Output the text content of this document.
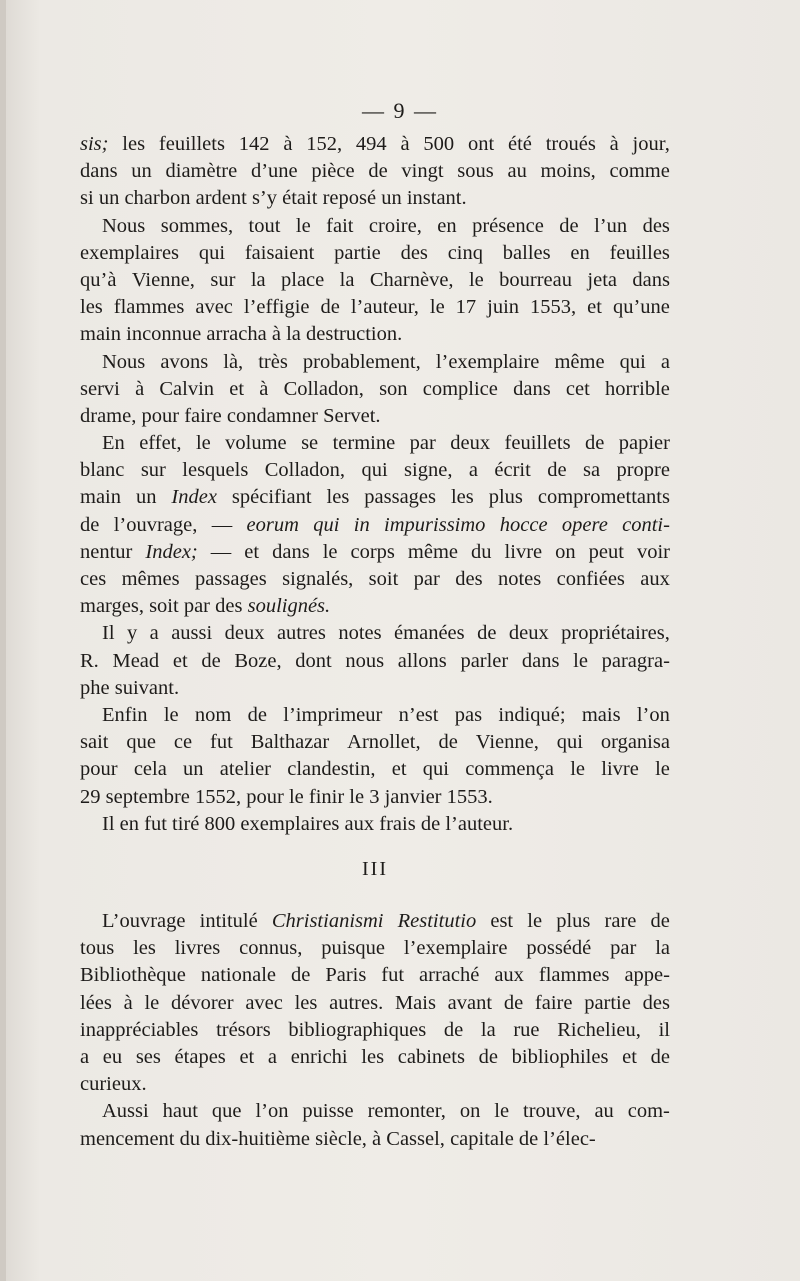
— 9 —
sis; les feuillets 142 à 152, 494 à 500 ont été troués à jour,
dans un diamètre d’une pièce de vingt sous au moins, comme
si un charbon ardent s’y était reposé un instant.
Nous sommes, tout le fait croire, en présence de l’un des
exemplaires qui faisaient partie des cinq balles en feuilles
qu’à Vienne, sur la place la Charnève, le bourreau jeta dans
les flammes avec l’effigie de l’auteur, le 17 juin 1553, et qu’une
main inconnue arracha à la destruction.
Nous avons là, très probablement, l’exemplaire même qui a
servi à Calvin et à Colladon, son complice dans cet horrible
drame, pour faire condamner Servet.
En effet, le volume se termine par deux feuillets de papier
blanc sur lesquels Colladon, qui signe, a écrit de sa propre
main un Index spécifiant les passages les plus compromettants
de l’ouvrage, — eorum qui in impurissimo hocce opere conti-
nentur Index; — et dans le corps même du livre on peut voir
ces mêmes passages signalés, soit par des notes confiées aux
marges, soit par des soulignés.
Il y a aussi deux autres notes émanées de deux propriétaires,
R. Mead et de Boze, dont nous allons parler dans le paragra-
phe suivant.
Enfin le nom de l’imprimeur n’est pas indiqué; mais l’on
sait que ce fut Balthazar Arnollet, de Vienne, qui organisa
pour cela un atelier clandestin, et qui commença le livre le
29 septembre 1552, pour le finir le 3 janvier 1553.
Il en fut tiré 800 exemplaires aux frais de l’auteur.
III
L’ouvrage intitulé Christianismi Restitutio est le plus rare de
tous les livres connus, puisque l’exemplaire possédé par la
Bibliothèque nationale de Paris fut arraché aux flammes appe-
lées à le dévorer avec les autres. Mais avant de faire partie des
inappréciables trésors bibliographiques de la rue Richelieu, il
a eu ses étapes et a enrichi les cabinets de bibliophiles et de
curieux.
Aussi haut que l’on puisse remonter, on le trouve, au com-
mencement du dix-huitième siècle, à Cassel, capitale de l’élec-
